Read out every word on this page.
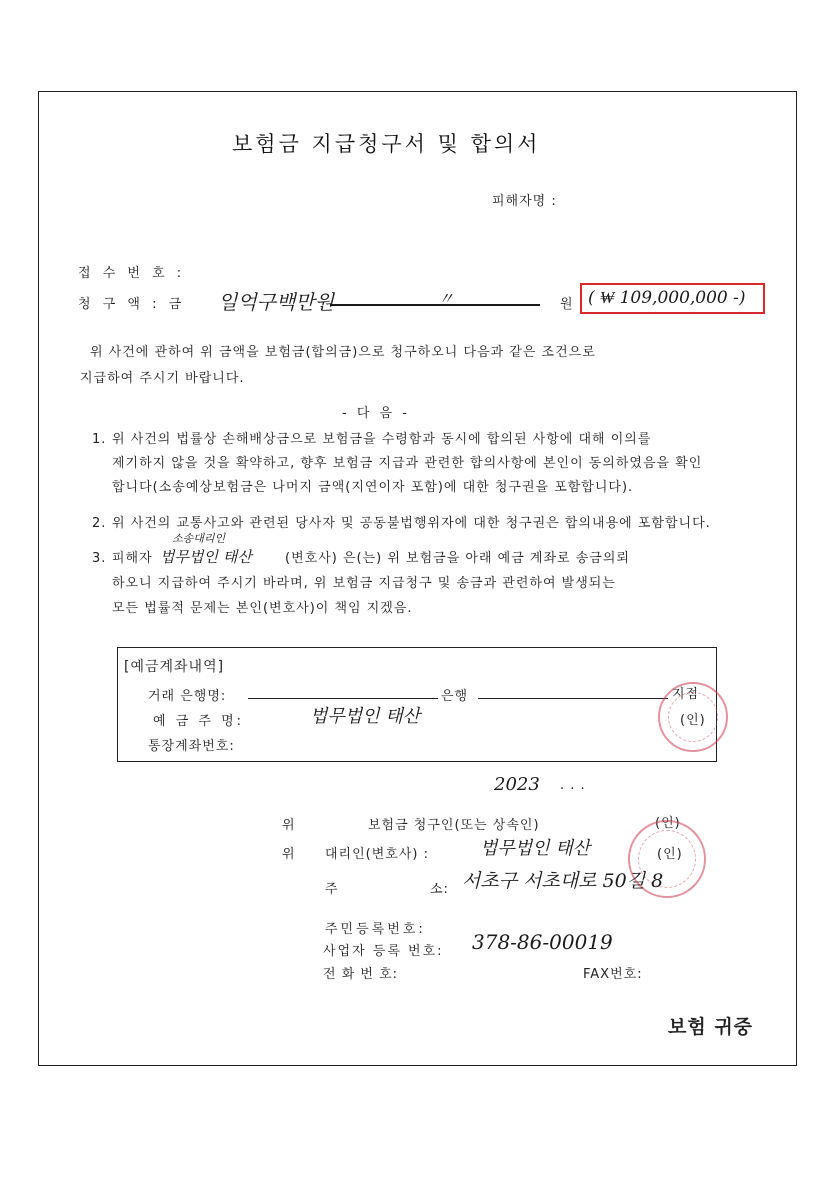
보험금 지급청구서 및 합의서
피해자명 :
접 수 번 호 :
청 구 액 : 금 일억구백만원	〃	원 ( ₩ 109,000,000 -)
위 사건에 관하여 위 금액을 보험금(합의금)으로 청구하오니 다음과 같은 조건으로
지급하여 주시기 바랍니다.
- 다 음 -
1. 위 사건의 법률상 손해배상금으로 보험금을 수령함과 동시에 합의된 사항에 대해 이의를
제기하지 않을 것을 확약하고, 향후 보험금 지급과 관련한 합의사항에 본인이 동의하였음을 확인
합니다(소송예상보험금은 나머지 금액(지연이자 포함)에 대한 청구권을 포함합니다).
2. 위 사건의 교통사고와 관련된 당사자 및 공동불법행위자에 대한 청구권은 합의내용에 포함합니다.
3. 피해자
소송대리인
법무법인 태산	(변호사) 은(는) 위 보험금을 아래 예금 계좌로 송금의뢰
하오니 지급하여 주시기 바라며, 위 보험금 지급청구 및 송금과 관련하여 발생되는
모든 법률적 문제는 본인(변호사)이 책임 지겠음.
[예금계좌내역]
거래 은행명:	은행	지점
예 금 주 명:	법무법인 태산	(인)
통장계좌번호:
2023 . . .
위	보험금 청구인(또는 상속인)	(인)
위 대리인(변호사) :	법무법인 태산	(인)
주	소: 서초구 서초대로 50길 8
주민등록번호:
사업자 등록 번호: 378-86-00019
전 화 번 호:	FAX번호:
보험 귀중
